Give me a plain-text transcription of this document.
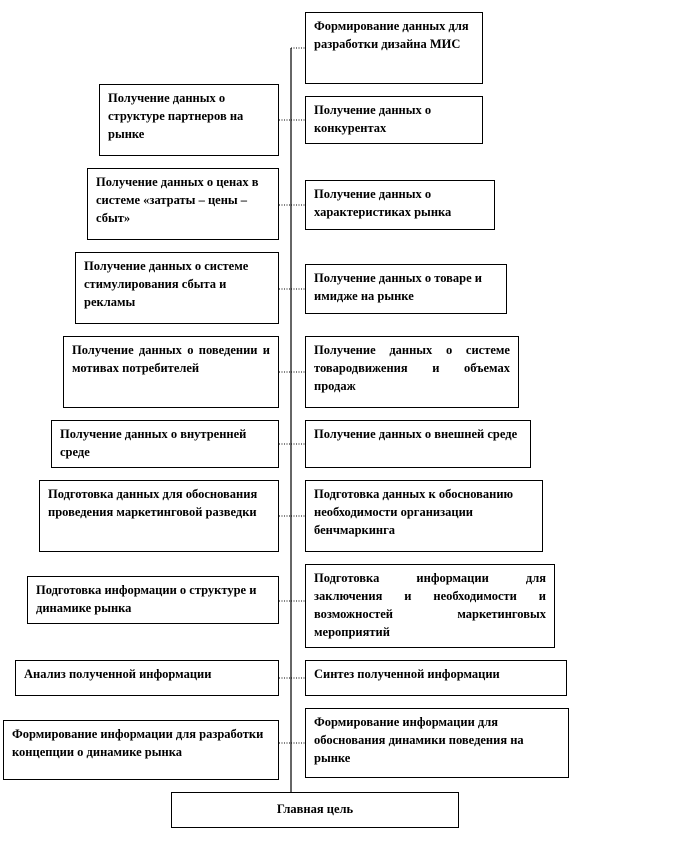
Формирование данных для разработки дизайна МИС
Получение данных о конкурентах
Получение данных о характеристиках рынка
Получение данных о товаре и имидже на рынке
Получение данных о системе товародвижения и объемах продаж
Получение данных о внешней среде
Подготовка данных к обоснованию необходимости организации бенчмаркинга
Подготовка информации для заключения и необходимости и возможностей маркетинговых мероприятий
Синтез полученной информации
Формирование информации для обоснования динамики поведения на рынке
Получение данных о структуре партнеров на рынке
Получение данных о ценах в системе «затраты – цены – сбыт»
Получение данных о системе стимулирования сбыта и рекламы
Получение данных о поведении и мотивах потребителей
Получение данных о внутренней среде
Подготовка данных для обоснования проведения маркетинговой разведки
Подготовка информации о структуре и динамике рынка
Анализ полученной информации
Формирование информации для разработки концепции о динамике рынка
Главная цель
